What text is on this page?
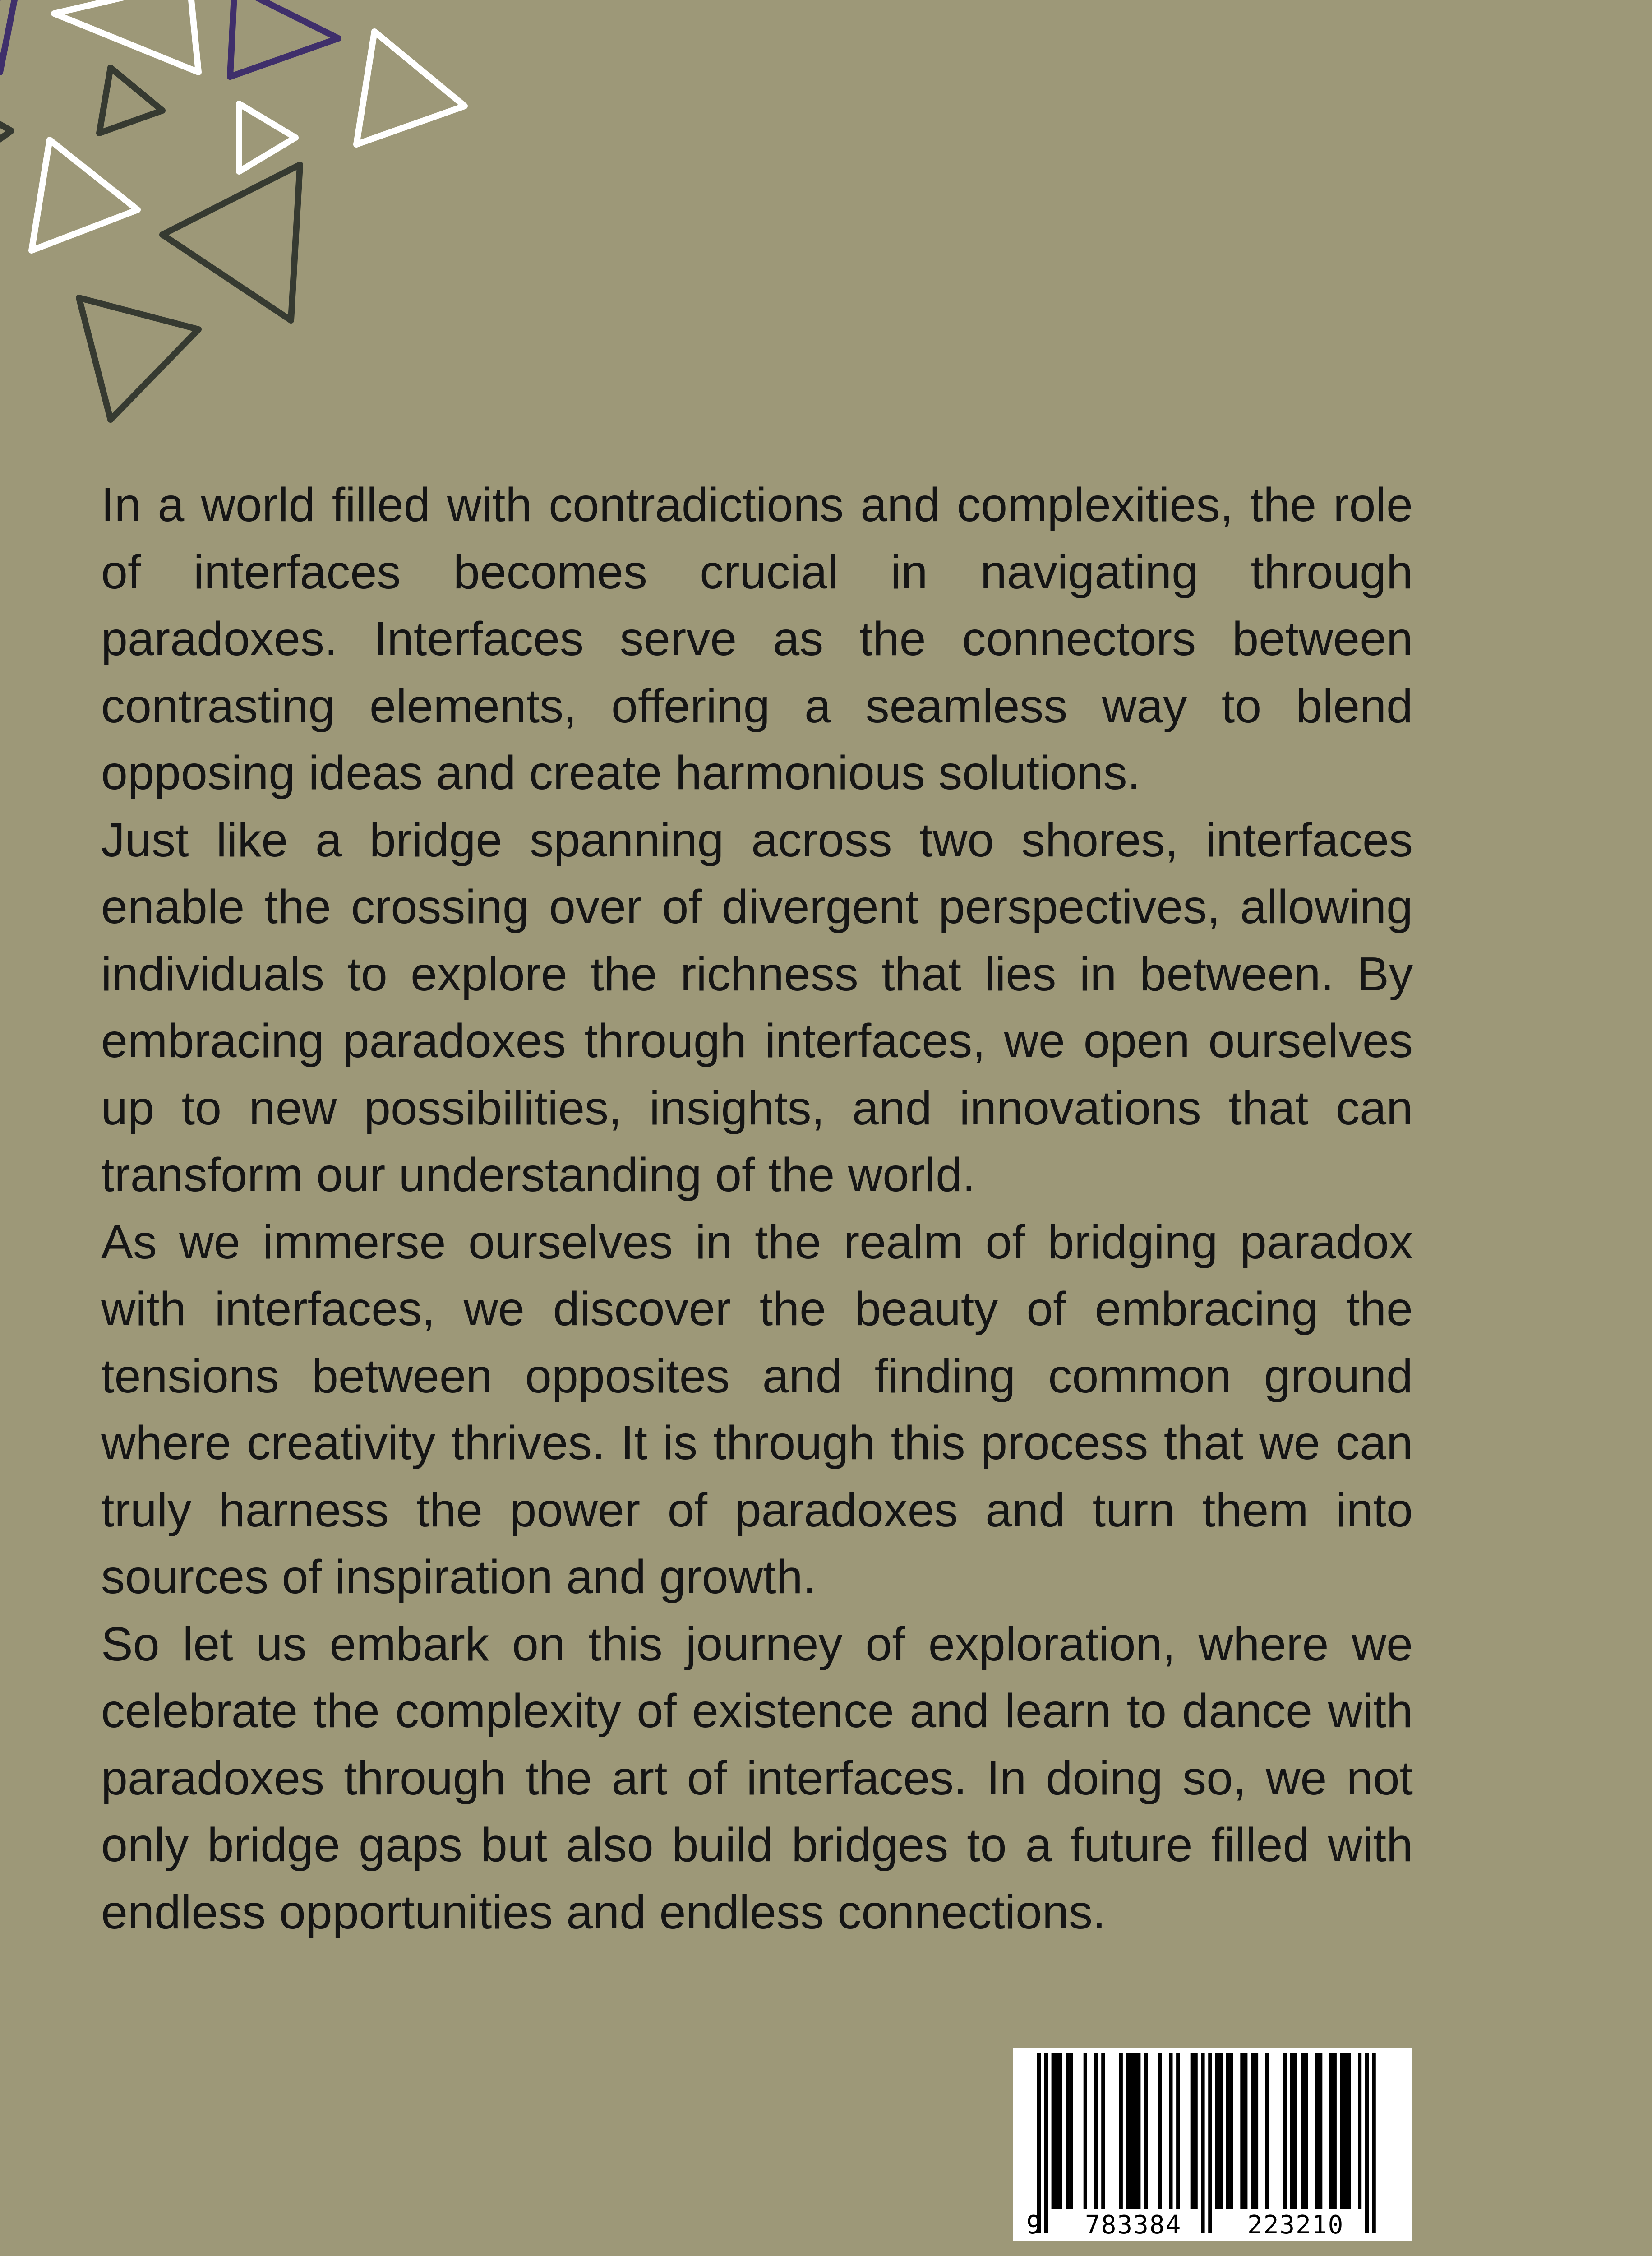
In a world filled with contradictions and complexities, the role of interfaces becomes crucial in navigating through paradoxes. Interfaces serve as the connectors between contrasting elements, offering a seamless way to blend opposing ideas and create harmonious solutions.

Just like a bridge spanning across two shores, interfaces enable the crossing over of divergent perspectives, allowing individuals to explore the richness that lies in between. By embracing paradoxes through interfaces, we open ourselves up to new possibilities, insights, and innovations that can transform our understanding of the world.

As we immerse ourselves in the realm of bridging paradox with interfaces, we discover the beauty of embracing the tensions between opposites and finding common ground where creativity thrives. It is through this process that we can truly harness the power of paradoxes and turn them into sources of inspiration and growth.

So let us embark on this journey of exploration, where we celebrate the complexity of existence and learn to dance with paradoxes through the art of interfaces. In doing so, we not only bridge gaps but also build bridges to a future filled with endless opportunities and endless connections.

9 783384	223210
